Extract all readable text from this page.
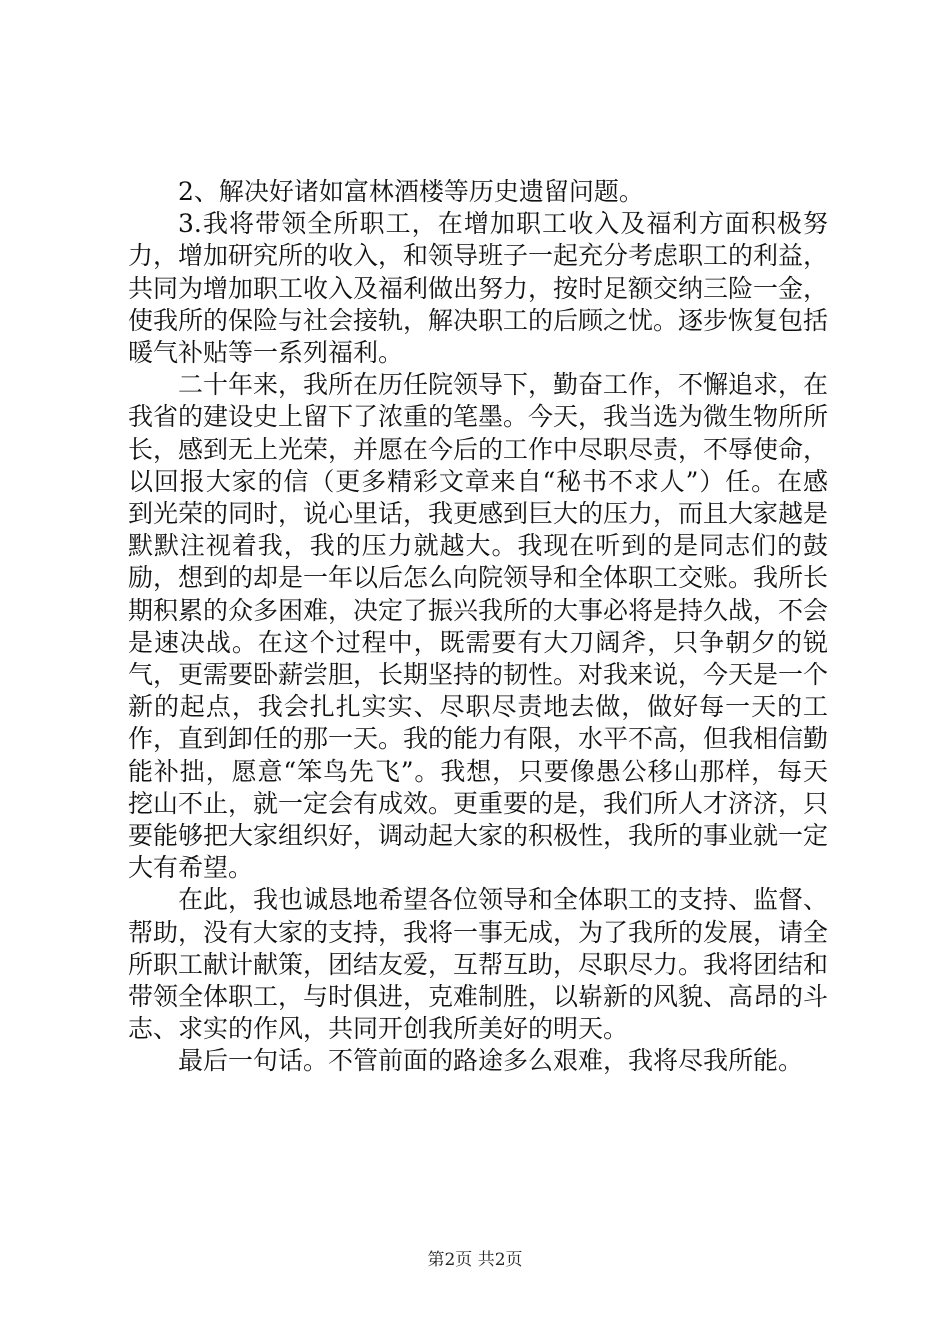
2、解决好诸如富林酒楼等历史遗留问题。

3.我将带领全所职工，在增加职工收入及福利方面积极努力，增加研究所的收入，和领导班子一起充分考虑职工的利益，共同为增加职工收入及福利做出努力，按时足额交纳三险一金，使我所的保险与社会接轨，解决职工的后顾之忧。逐步恢复包括暖气补贴等一系列福利。

二十年来，我所在历任院领导下，勤奋工作，不懈追求，在我省的建设史上留下了浓重的笔墨。今天，我当选为微生物所所长，感到无上光荣，并愿在今后的工作中尽职尽责，不辱使命，以回报大家的信（更多精彩文章来自“秘书不求人”）任。在感到光荣的同时，说心里话，我更感到巨大的压力，而且大家越是默默注视着我，我的压力就越大。我现在听到的是同志们的鼓励，想到的却是一年以后怎么向院领导和全体职工交账。我所长期积累的众多困难，决定了振兴我所的大事必将是持久战，不会是速决战。在这个过程中，既需要有大刀阔斧，只争朝夕的锐气，更需要卧薪尝胆，长期坚持的韧性。对我来说，今天是一个新的起点，我会扎扎实实、尽职尽责地去做，做好每一天的工作，直到卸任的那一天。我的能力有限，水平不高，但我相信勤能补拙，愿意“笨鸟先飞”。我想，只要像愚公移山那样，每天挖山不止，就一定会有成效。更重要的是，我们所人才济济，只要能够把大家组织好，调动起大家的积极性，我所的事业就一定大有希望。

在此，我也诚恳地希望各位领导和全体职工的支持、监督、帮助，没有大家的支持，我将一事无成，为了我所的发展，请全所职工献计献策，团结友爱，互帮互助，尽职尽力。我将团结和带领全体职工，与时俱进，克难制胜，以崭新的风貌、高昂的斗志、求实的作风，共同开创我所美好的明天。

最后一句话。不管前面的路途多么艰难，我将尽我所能。

第2页 共2页
